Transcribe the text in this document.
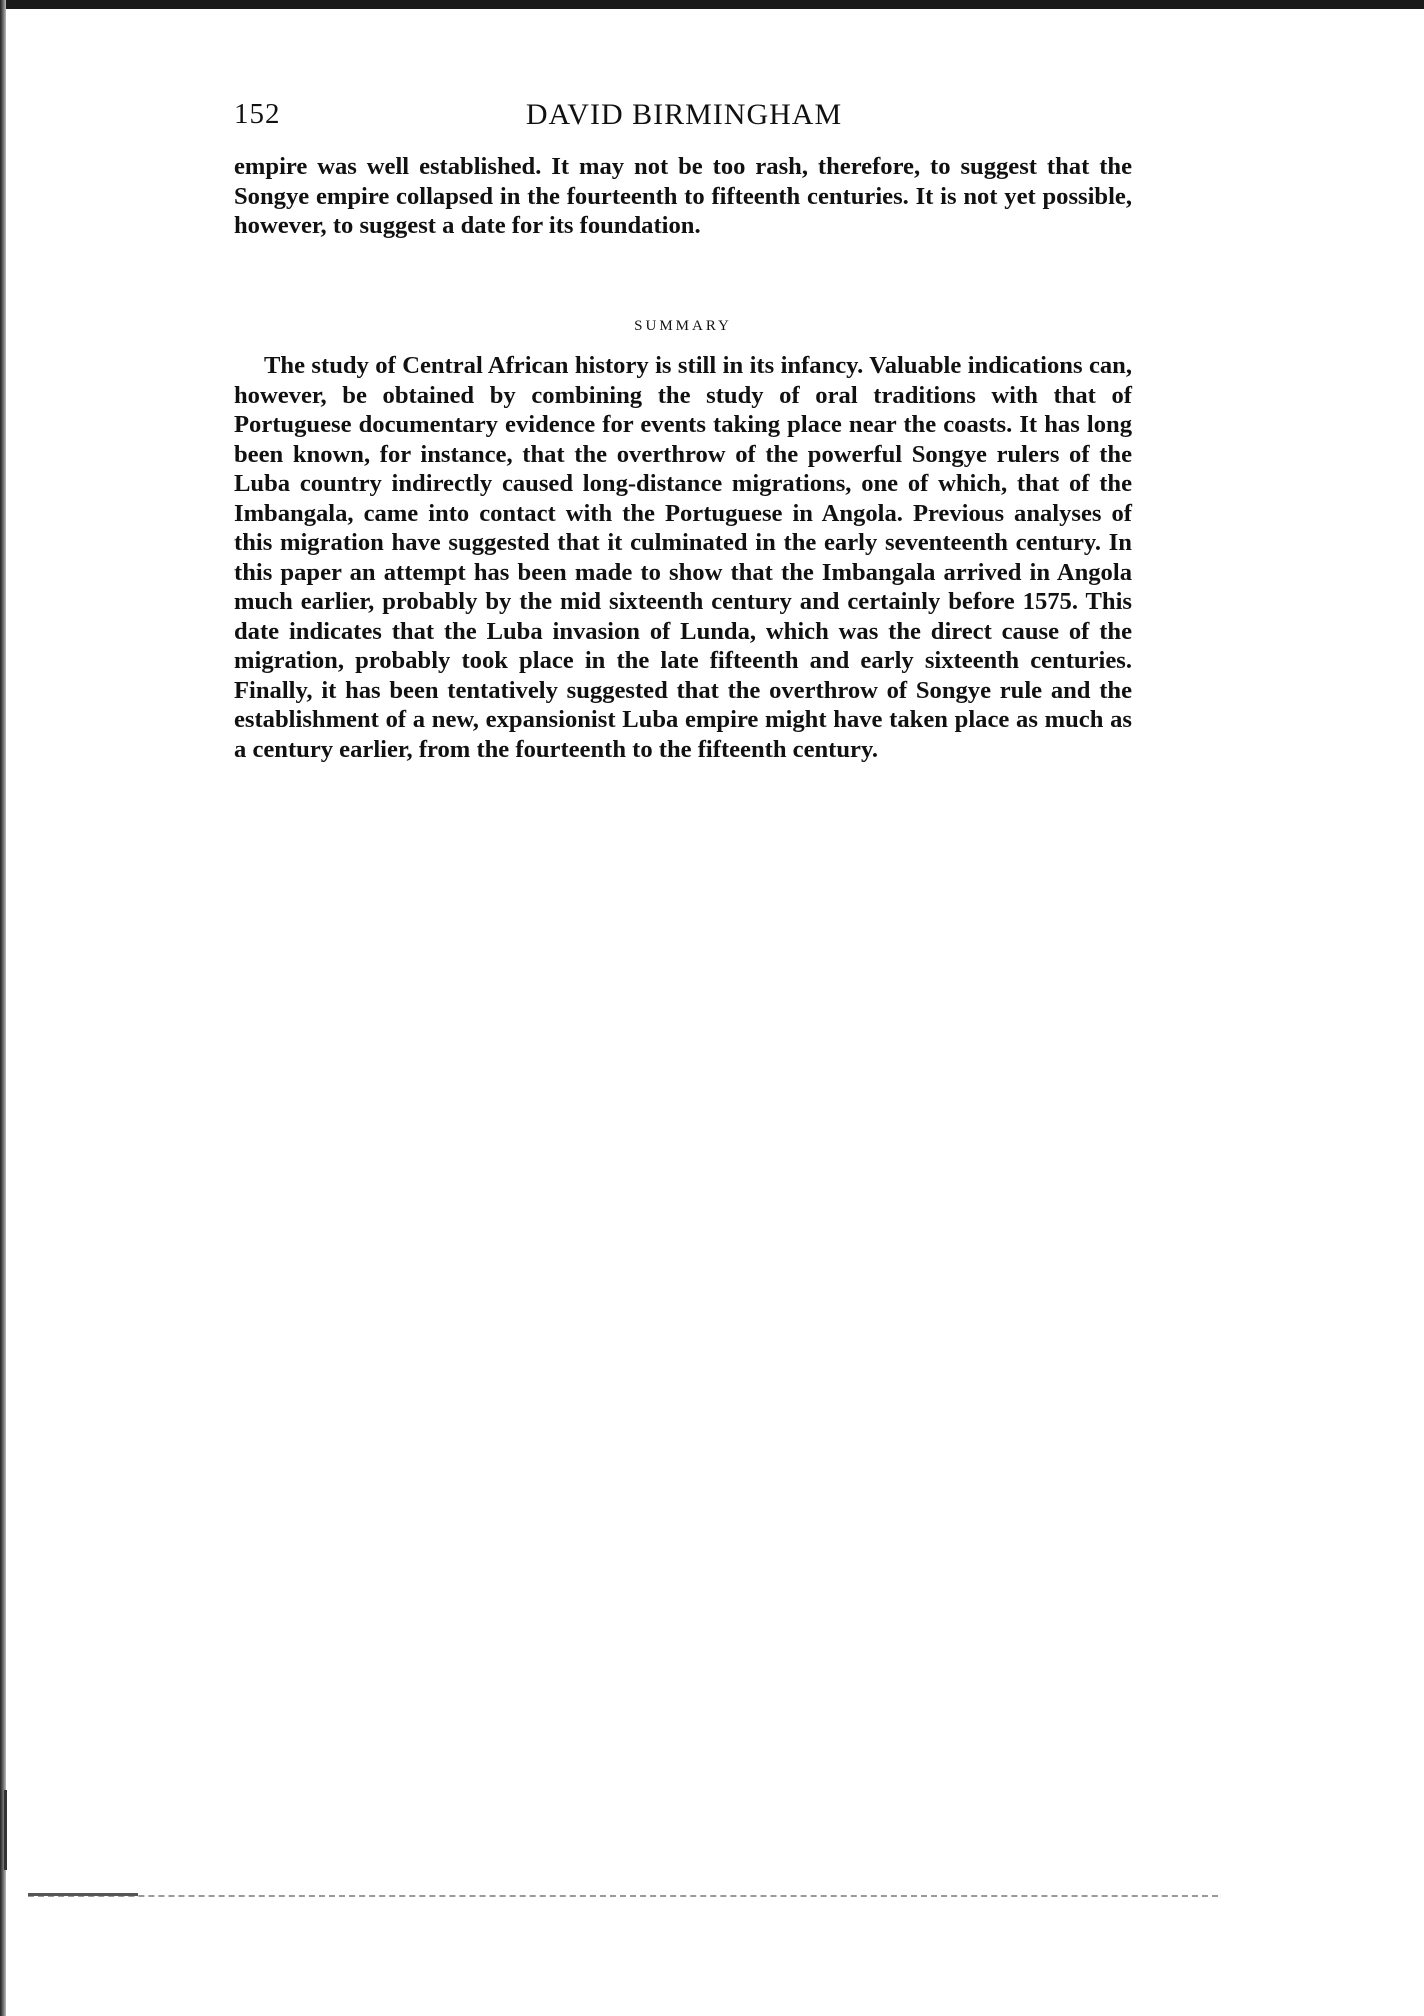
152	DAVID BIRMINGHAM

empire was well established. It may not be too rash, therefore, to suggest that the Songye empire collapsed in the fourteenth to fifteenth centuries. It is not yet possible, however, to suggest a date for its foundation.

SUMMARY

The study of Central African history is still in its infancy. Valuable indications can, however, be obtained by combining the study of oral traditions with that of Portuguese documentary evidence for events taking place near the coasts. It has long been known, for instance, that the overthrow of the powerful Songye rulers of the Luba country indirectly caused long-distance migrations, one of which, that of the Imbangala, came into contact with the Portuguese in Angola. Previous analyses of this migration have suggested that it culminated in the early seventeenth century. In this paper an attempt has been made to show that the Imbangala arrived in Angola much earlier, probably by the mid sixteenth century and certainly before 1575. This date indicates that the Luba invasion of Lunda, which was the direct cause of the migration, probably took place in the late fifteenth and early sixteenth centuries. Finally, it has been tentatively suggested that the overthrow of Songye rule and the establishment of a new, expansionist Luba empire might have taken place as much as a century earlier, from the fourteenth to the fifteenth century.
